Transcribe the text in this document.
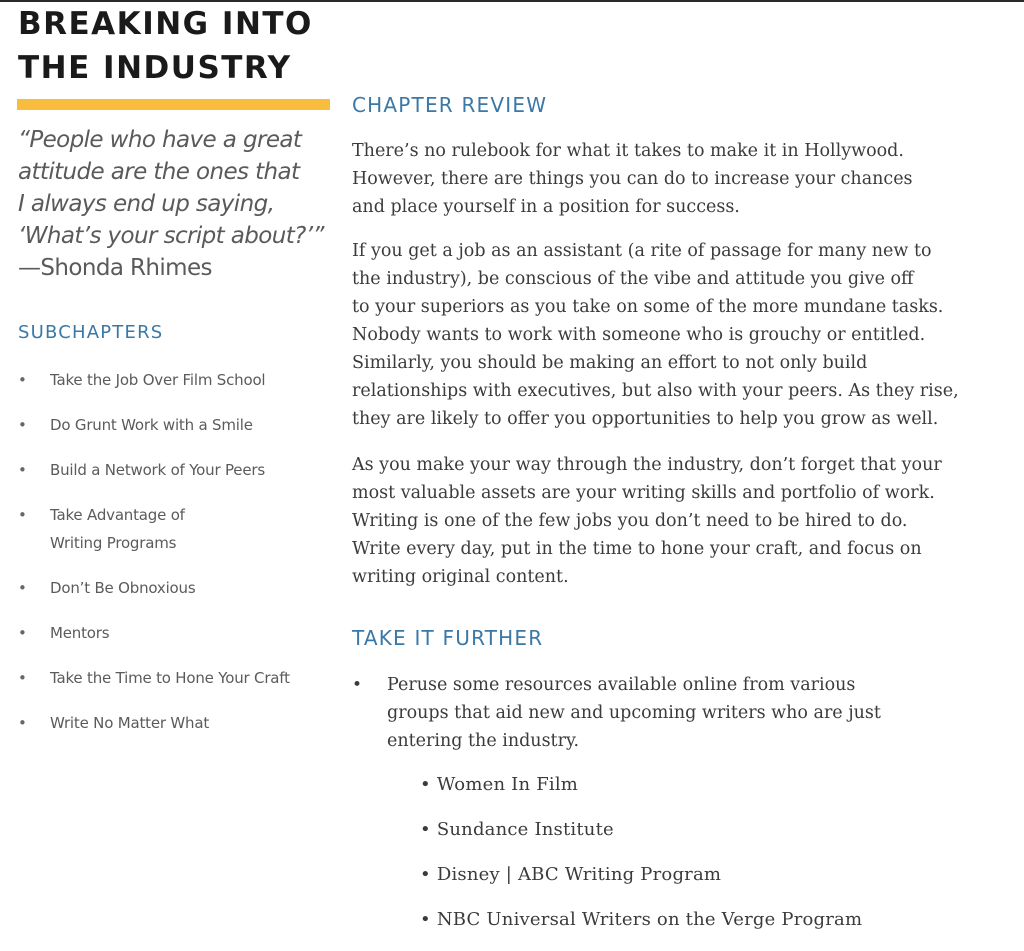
BREAKING INTO
THE INDUSTRY
“People who have a great
attitude are the ones that
I always end up saying,
‘What’s your script about?’”
—Shonda Rhimes
SUBCHAPTERS
• Take the Job Over Film School
• Do Grunt Work with a Smile
• Build a Network of Your Peers
• Take Advantage of
Writing Programs
• Don’t Be Obnoxious
• Mentors
• Take the Time to Hone Your Craft
• Write No Matter What
CHAPTER REVIEW

There’s no rulebook for what it takes to make it in Hollywood.
However, there are things you can do to increase your chances
and place yourself in a position for success.

If you get a job as an assistant (a rite of passage for many new to
the industry), be conscious of the vibe and attitude you give off
to your superiors as you take on some of the more mundane tasks.
Nobody wants to work with someone who is grouchy or entitled.
Similarly, you should be making an effort to not only build
relationships with executives, but also with your peers. As they rise,
they are likely to offer you opportunities to help you grow as well.

As you make your way through the industry, don’t forget that your
most valuable assets are your writing skills and portfolio of work.
Writing is one of the few jobs you don’t need to be hired to do.
Write every day, put in the time to hone your craft, and focus on
writing original content.

TAKE IT FURTHER
• Peruse some resources available online from various
groups that aid new and upcoming writers who are just
entering the industry.
• Women In Film
• Sundance Institute
• Disney | ABC Writing Program
• NBC Universal Writers on the Verge Program
